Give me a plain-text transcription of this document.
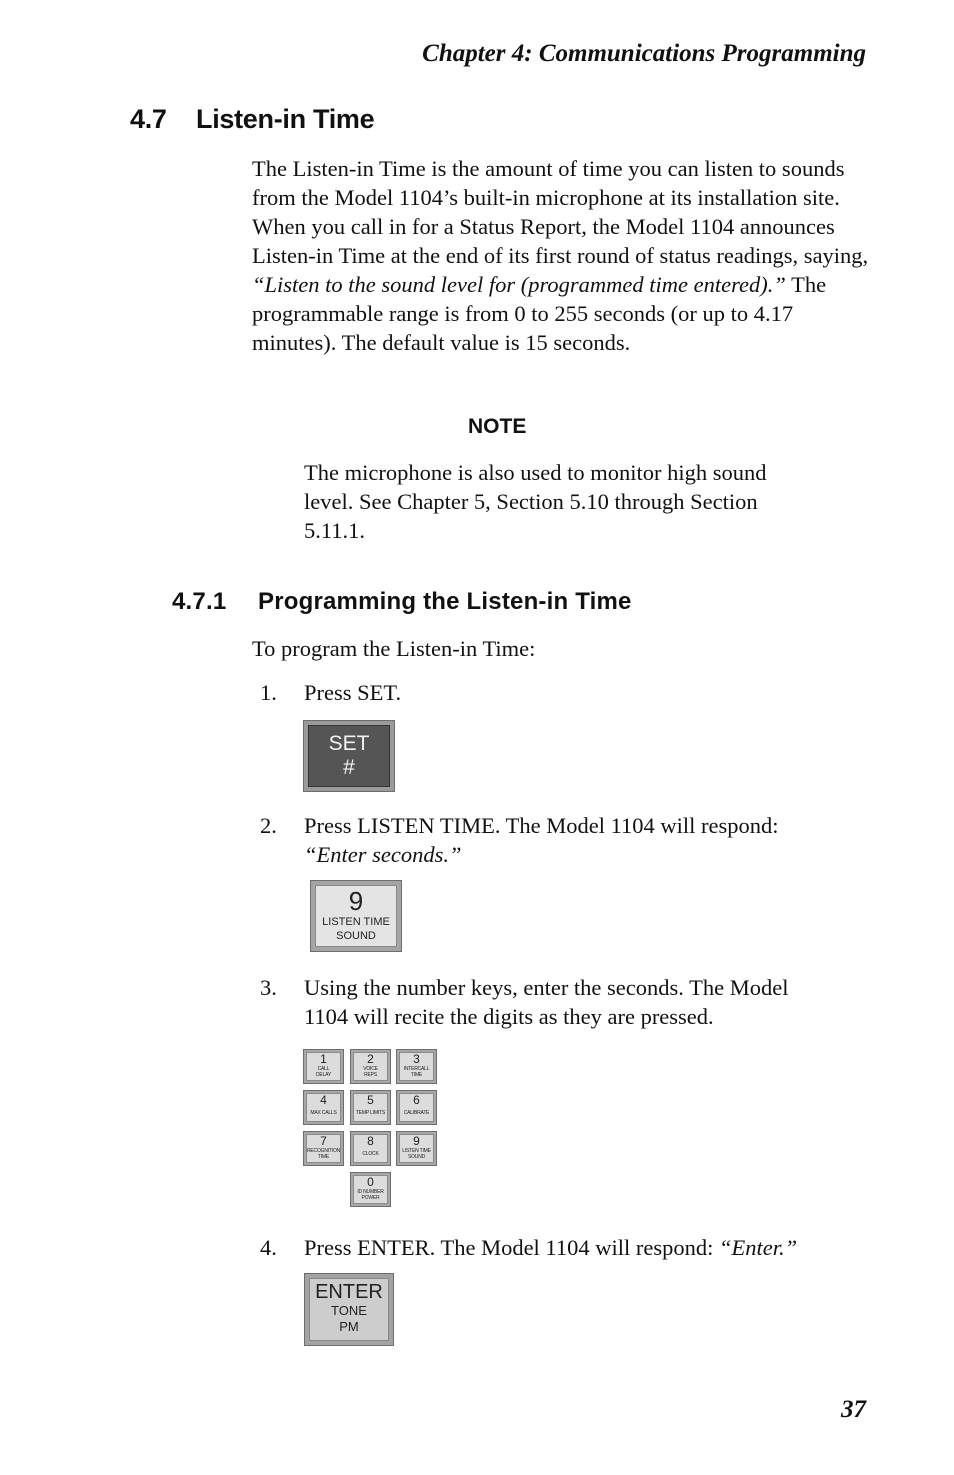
Chapter 4: Communications Programming
4.7 Listen-in Time
The Listen-in Time is the amount of time you can listen to sounds from the Model 1104’s built-in microphone at its installation site. When you call in for a Status Report, the Model 1104 announces Listen-in Time at the end of its first round of status readings, saying, “Listen to the sound level for (programmed time entered).” The programmable range is from 0 to 255 seconds (or up to 4.17 minutes). The default value is 15 seconds.
NOTE
The microphone is also used to monitor high sound level. See Chapter 5, Section 5.10 through Section 5.11.1.
4.7.1 Programming the Listen-in Time
To program the Listen-in Time:
1. Press SET.
SET
#
2. Press LISTEN TIME. The Model 1104 will respond:
“Enter seconds.”
9
LISTEN TIME
SOUND
3. Using the number keys, enter the seconds. The Model
1104 will recite the digits as they are pressed.
1
CALL
DELAY
2
VOICE
REPS
3
INTERCALL
TIME
4
MAX CALLS
5
TEMP LIMITS
6
CALIBRATE
7
RECOGNITION
TIME
8
CLOCK
9
LISTEN TIME
SOUND
0
ID NUMBER
POWER
4. Press ENTER. The Model 1104 will respond: “Enter.”
ENTER
TONE
PM
37
